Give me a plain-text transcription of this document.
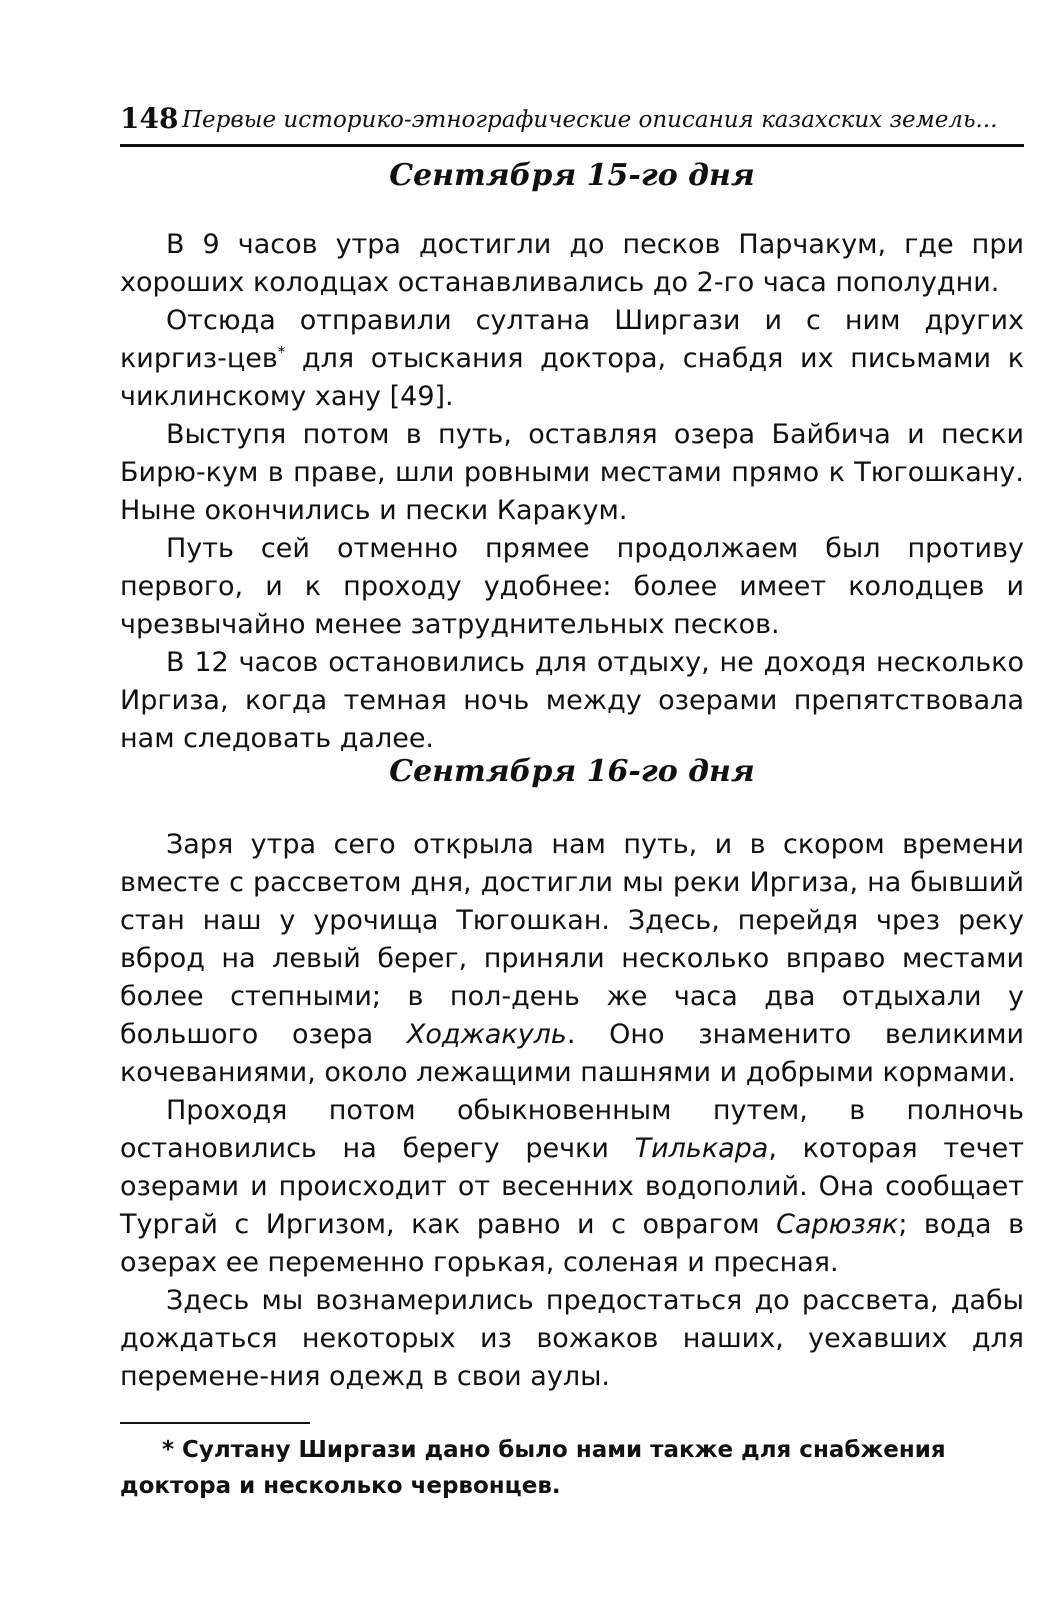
148 Первые историко-этнографические описания казахских земель...
Сентября 15-го дня

В 9 часов утра достигли до песков Парчакум, где при хороших колодцах останавливались до 2-го часа пополудни.

Отсюда отправили султана Ширгази и с ним других киргиз-цев* для отыскания доктора, снабдя их письмами к чиклинскому хану [49].

Выступя потом в путь, оставляя озера Байбича и пески Бирю-кум в праве, шли ровными местами прямо к Тюгошкану. Ныне окончились и пески Каракум.

Путь сей отменно прямее продолжаем был противу первого, и к проходу удобнее: более имеет колодцев и чрезвычайно менее затруднительных песков.

В 12 часов остановились для отдыху, не доходя несколько Иргиза, когда темная ночь между озерами препятствовала нам следовать далее.

Сентября 16-го дня

Заря утра сего открыла нам путь, и в скором времени вместе с рассветом дня, достигли мы реки Иргиза, на бывший стан наш у урочища Тюгошкан. Здесь, перейдя чрез реку вброд на левый берег, приняли несколько вправо местами более степными; в пол-день же часа два отдыхали у большого озера Ходжакуль. Оно знаменито великими кочеваниями, около лежащими пашнями и добрыми кормами.

Проходя потом обыкновенным путем, в полночь остановились на берегу речки Тилькара, которая течет озерами и происходит от весенних водополий. Она сообщает Тургай с Иргизом, как равно и с оврагом Сарюзяк; вода в озерах ее переменно горькая, соленая и пресная.

Здесь мы вознамерились предостаться до рассвета, дабы дождаться некоторых из вожаков наших, уехавших для перемене-ния одежд в свои аулы.

* Султану Ширгази дано было нами также для снабжения доктора и несколько червонцев.
